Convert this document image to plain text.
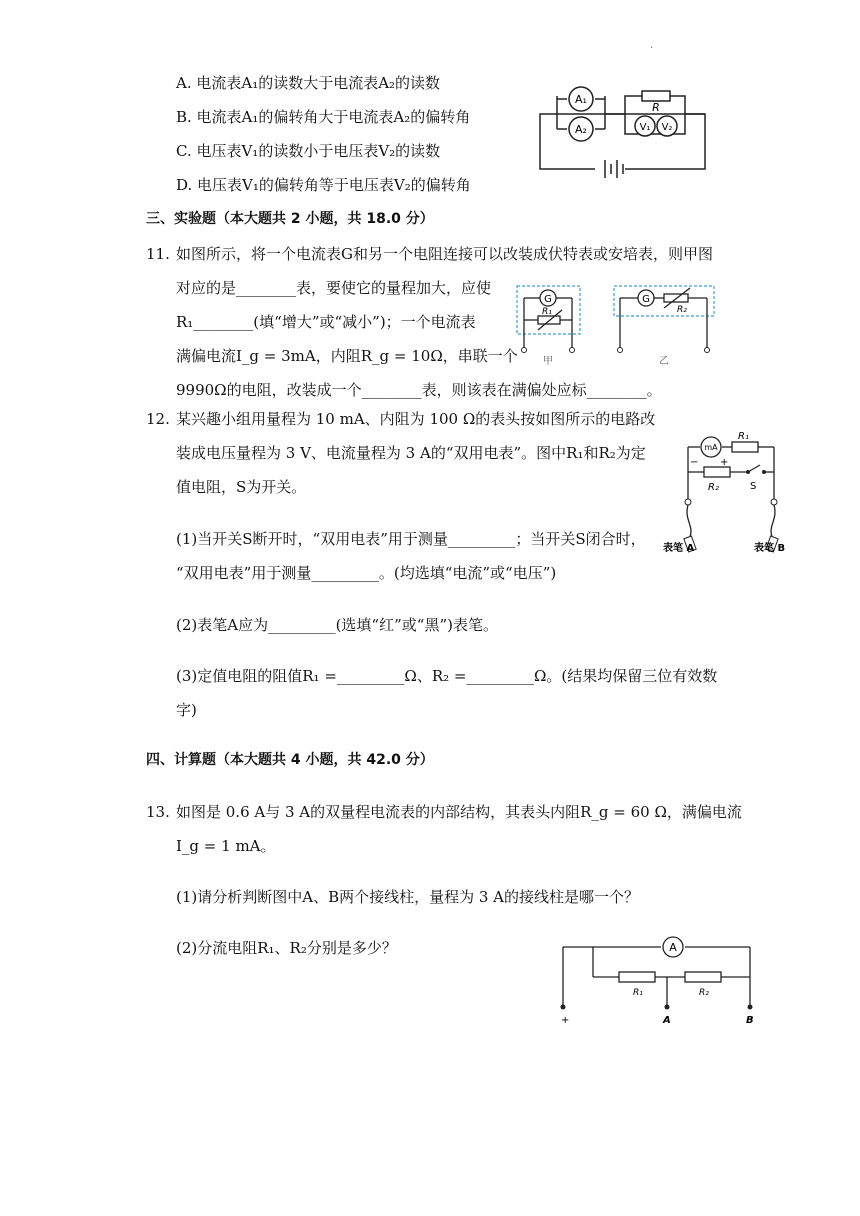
.
A. 电流表A₁的读数大于电流表A₂的读数
B. 电流表A₁的偏转角大于电流表A₂的偏转角
C. 电压表V₁的读数小于电压表V₂的读数
D. 电压表V₁的偏转角等于电压表V₂的偏转角
A₁
A₂
R
V₁ V₂
三、实验题（本大题共 2 小题，共 18.0 分）
11. 如图所示，将一个电流表G和另一个电阻连接可以改装成伏特表或安培表，则甲图
对应的是________表，要使它的量程加大，应使
R₁________(填“增大”或“减小”)；一个电流表
满偏电流I_g = 3mA，内阻R_g = 10Ω，串联一个
9990Ω的电阻，改装成一个________表，则该表在满偏处应标________。
G	G
R₁	R₂
甲	乙
12. 某兴趣小组用量程为 10 mA、内阻为 100 Ω的表头按如图所示的电路改
装成电压量程为 3 V、电流量程为 3 A的“双用电表”。图中R₁和R₂为定
值电阻，S为开关。
(1)当开关S断开时，“双用电表”用于测量_________；当开关S闭合时，
“双用电表”用于测量_________。(均选填“电流”或“电压”)
(2)表笔A应为_________(选填“红”或“黑”)表笔。
(3)定值电阻的阻值R₁ =_________Ω、R₂ =_________Ω。(结果均保留三位有效数
字)
mA
R₁
R₂	S
− +
表笔 A	表笔 B
四、计算题（本大题共 4 小题，共 42.0 分）
13. 如图是 0.6 A与 3 A的双量程电流表的内部结构，其表头内阻R_g = 60 Ω，满偏电流
I_g = 1 mA。
(1)请分析判断图中A、B两个接线柱，量程为 3 A的接线柱是哪一个？
(2)分流电阻R₁、R₂分别是多少？	A
R₁	R₂
+	A	B
